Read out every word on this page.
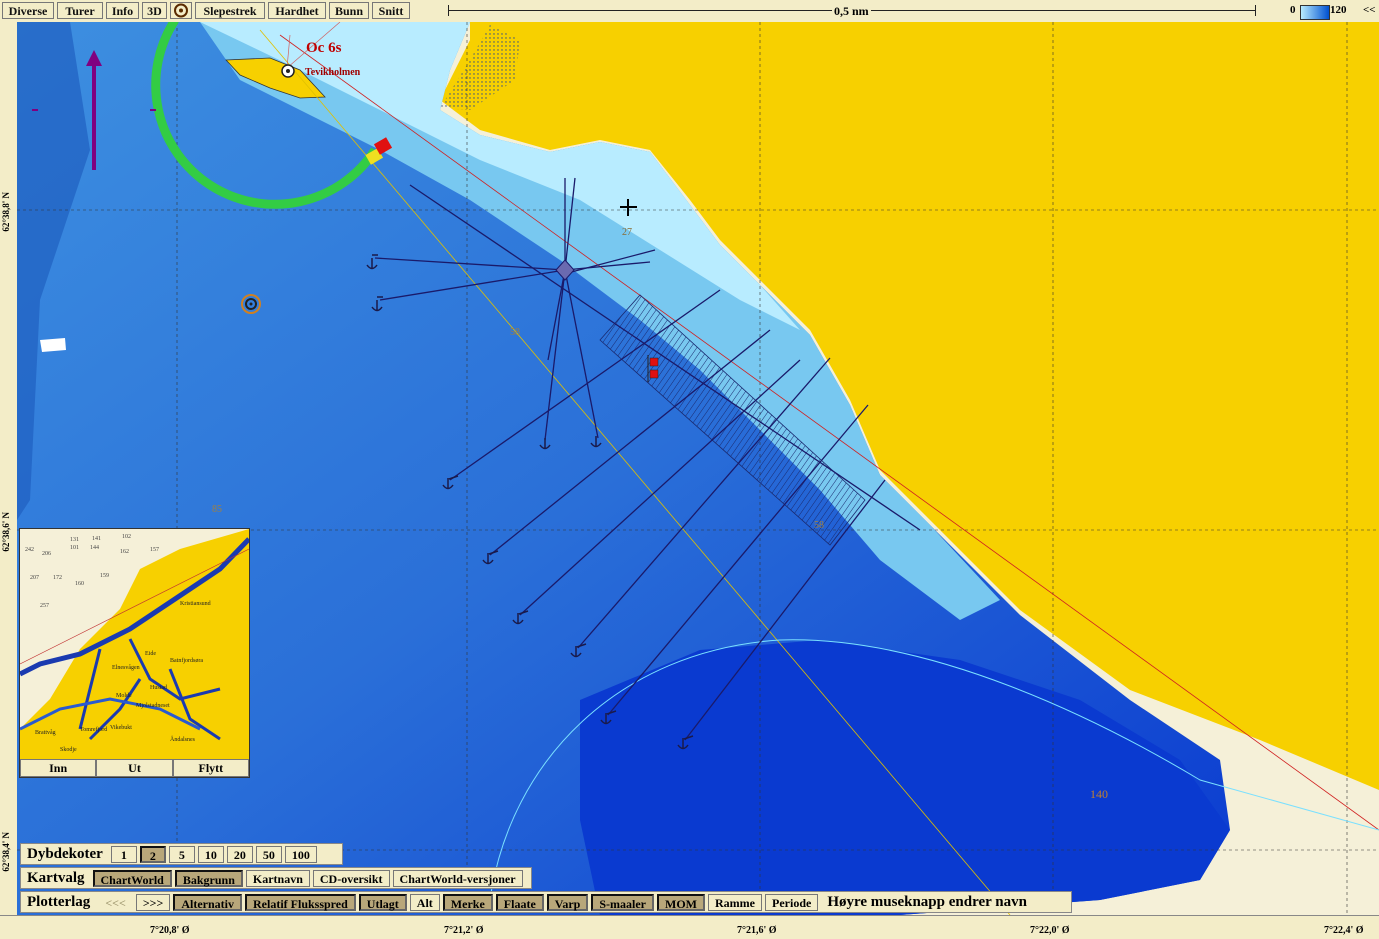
Diverse	Turer	Info	3D	Slepestrek	Hardhet	Bunn	Snitt	0,5 nm	0	120 <<
62°38,8' N
62°38,6' N
62°38,4' N
Oc 6s
Tevikholmen
27
58
85
58
140
Kristiansund
Eide
Batnfjordsøra
Elnesvågen
Hustad
Molde
Mjolstadneset
Åndalsnes
Vikebukt
Tomrefjord
Brattvåg
Skodje
101 144
131 141	102
242
206	162
207 172
160
159
157
257
Inn	Ut	Flytt
Dybdekoter	1	2	5	10	20	50	100
Kartvalg	ChartWorld	Bakgrunn	Kartnavn	CD-oversikt	ChartWorld-versjoner
Plotterlag	<<<	>>>	Alternativ	Relatif Fluksspred	Utlagt	Alt	Merke	Flaate	Varp	S-maaler	MOM	Ramme	Periode	Høyre museknapp endrer navn
7°20,8' Ø	7°21,2' Ø	7°21,6' Ø	7°22,0' Ø	7°22,4' Ø
